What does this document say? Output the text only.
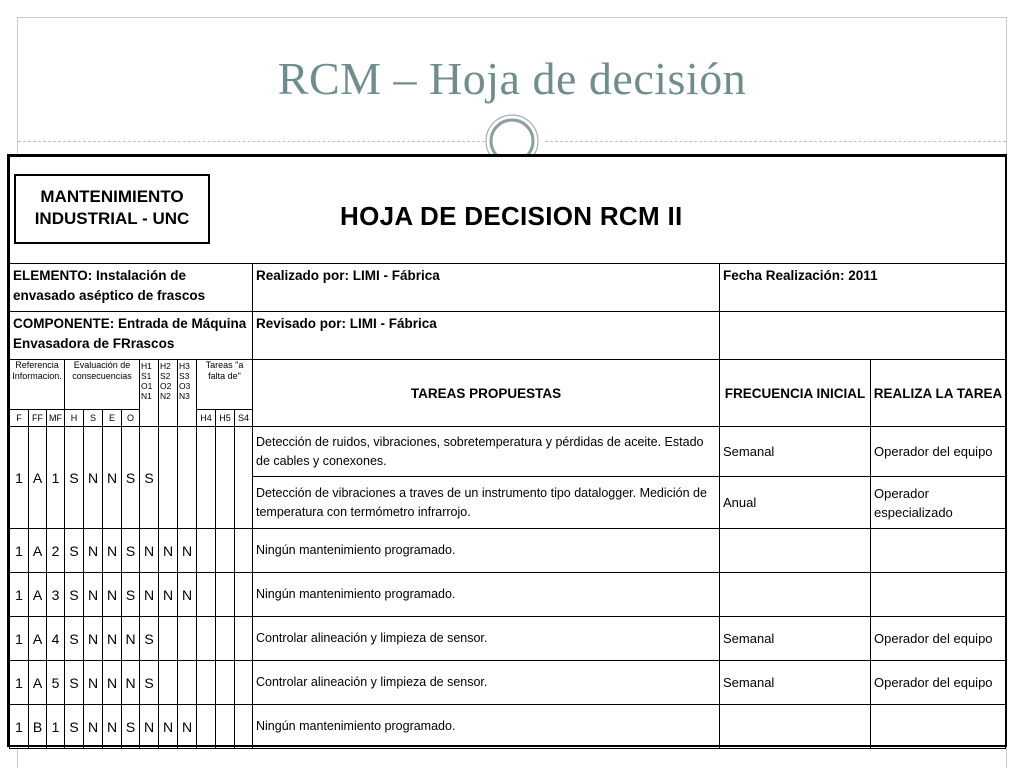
RCM – Hoja de decisión
MANTENIMIENTO
INDUSTRIAL - UNC HOJA DE DECISION RCM II															

ELEMENTO: Instalación de envasado aséptico de frascos													Realizado por: LIMI - Fábrica	Fecha Realización: 2011	
COMPONENTE: Entrada de Máquina Envasadora de FRrascos													Revisado por: LIMI - Fábrica		
Referencia Informacion.			Evaluación de consecuencias				H1 S1 O1 N1	H2 S2 O2 N2	H3 S3 O3 N3	Tareas "a falta de"			TAREAS PROPUESTAS	FRECUENCIA INICIAL	REALIZA LA TAREA
F	FF	MF	H	S	E	O				H4	H5	S4			
1	A	1	S	N	N	S	S						Detección de ruidos, vibraciones, sobretemperatura y pérdidas de aceite. Estado de cables y conexones.	Semanal	Operador del equipo
													Detección de vibraciones a traves de un instrumento tipo datalogger. Medición de temperatura con termómetro infrarrojo.	Anual	Operador especializado
1	A	2	S	N	N	S	N	N	N				Ningún mantenimiento programado.		
1	A	3	S	N	N	S	N	N	N				Ningún mantenimiento programado.		
1	A	4	S	N	N	N	S						Controlar alineación y limpieza de sensor.	Semanal	Operador del equipo
1	A	5	S	N	N	N	S						Controlar alineación y limpieza de sensor.	Semanal	Operador del equipo
1	B	1	S	N	N	S	N	N	N				Ningún mantenimiento programado.		
